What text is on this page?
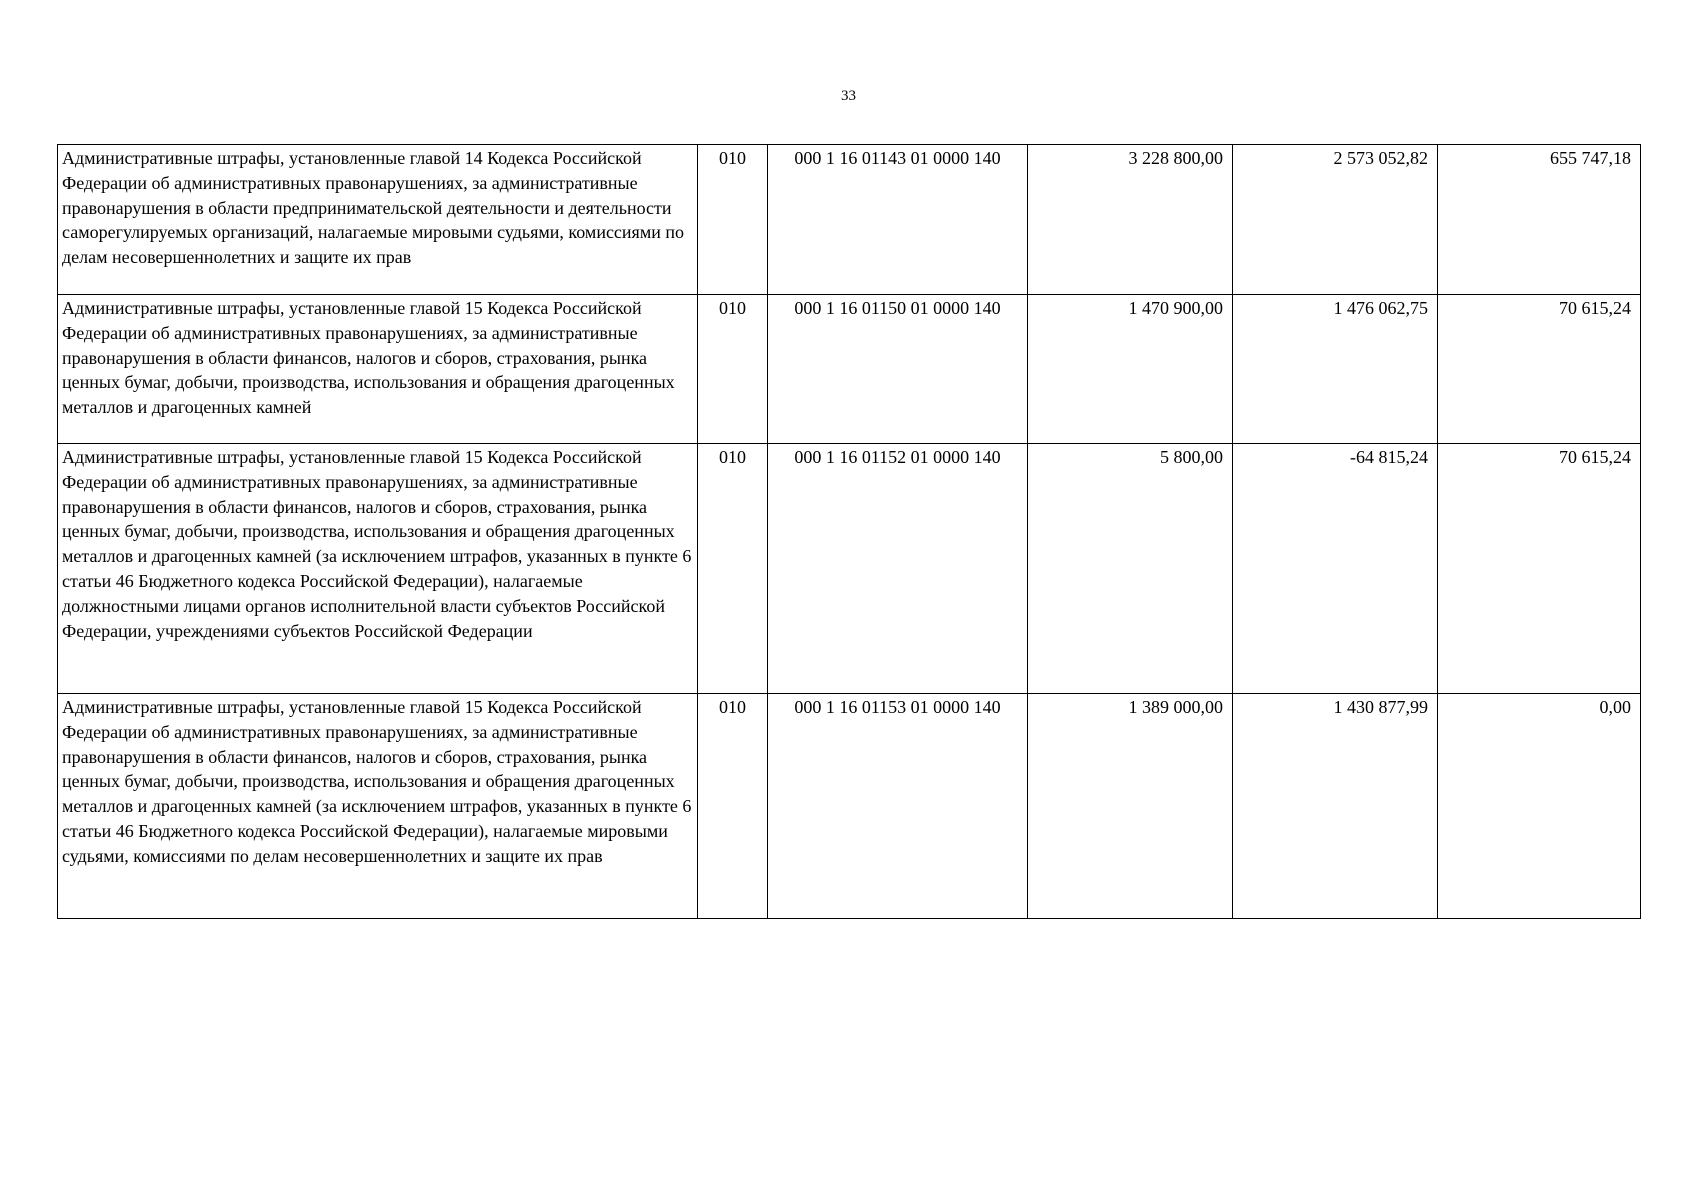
33
Административные штрафы, установленные главой 14 Кодекса Российской Федерации об административных правонарушениях, за административные правонарушения в области предпринимательской деятельности и деятельности саморегулируемых организаций, налагаемые мировыми судьями, комиссиями по делам несовершеннолетних и защите их прав	010	000 1 16 01143 01 0000 140	3 228 800,00	2 573 052,82	655 747,18
Административные штрафы, установленные главой 15 Кодекса Российской Федерации об административных правонарушениях, за административные правонарушения в области финансов, налогов и сборов, страхования, рынка ценных бумаг, добычи, производства, использования и обращения драгоценных металлов и драгоценных камней	010	000 1 16 01150 01 0000 140	1 470 900,00	1 476 062,75	70 615,24
Административные штрафы, установленные главой 15 Кодекса Российской Федерации об административных правонарушениях, за административные правонарушения в области финансов, налогов и сборов, страхования, рынка ценных бумаг, добычи, производства, использования и обращения драгоценных металлов и драгоценных камней (за исключением штрафов, указанных в пункте 6 статьи 46 Бюджетного кодекса Российской Федерации), налагаемые должностными лицами органов исполнительной власти субъектов Российской Федерации, учреждениями субъектов Российской Федерации	010	000 1 16 01152 01 0000 140	5 800,00	-64 815,24	70 615,24
Административные штрафы, установленные главой 15 Кодекса Российской Федерации об административных правонарушениях, за административные правонарушения в области финансов, налогов и сборов, страхования, рынка ценных бумаг, добычи, производства, использования и обращения драгоценных металлов и драгоценных камней (за исключением штрафов, указанных в пункте 6 статьи 46 Бюджетного кодекса Российской Федерации), налагаемые мировыми судьями, комиссиями по делам несовершеннолетних и защите их прав	010	000 1 16 01153 01 0000 140	1 389 000,00	1 430 877,99	0,00
